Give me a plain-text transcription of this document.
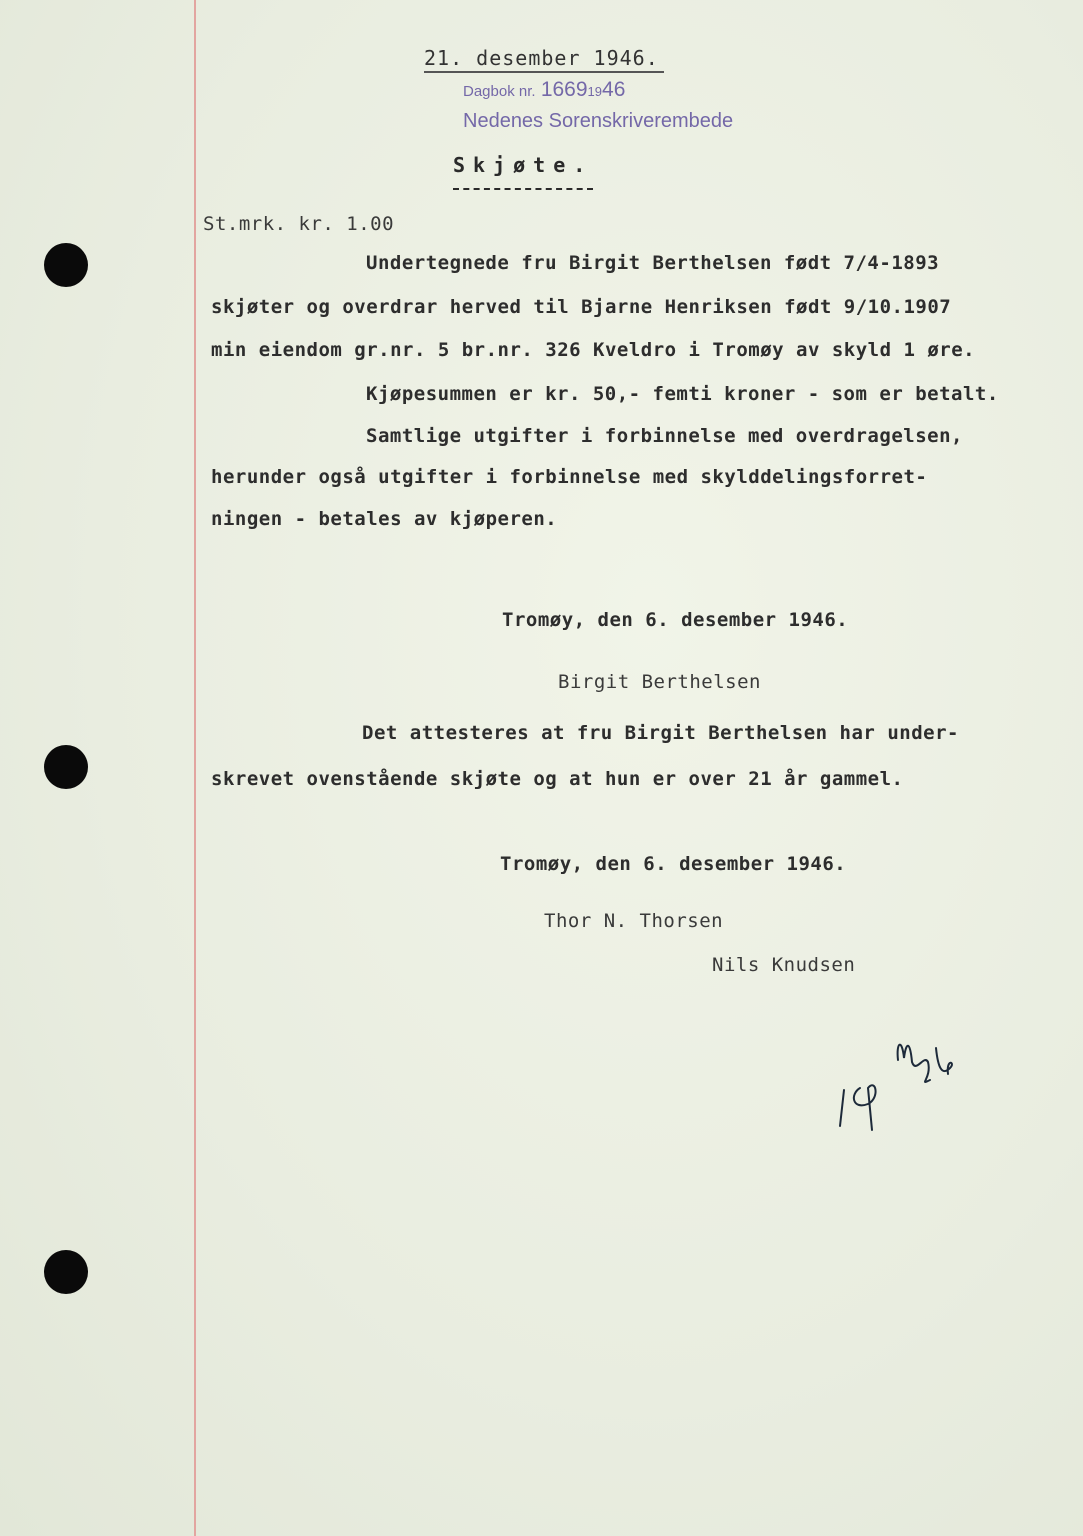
21. desember 1946.
Dagbok nr. 16691946
Nedenes Sorenskriverembede
Skjøte.
St.mrk. kr. 1.00
Undertegnede fru Birgit Berthelsen født 7/4-1893
skjøter og overdrar herved til Bjarne Henriksen født 9/10.1907
min eiendom gr.nr. 5 br.nr. 326 Kveldro i Tromøy av skyld 1 øre.
Kjøpesummen er kr. 50,- femti kroner - som er betalt.
Samtlige utgifter i forbinnelse med overdragelsen,
herunder også utgifter i forbinnelse med skylddelingsforret-
ningen - betales av kjøperen.
Tromøy, den 6. desember 1946.
Birgit Berthelsen
Det attesteres at fru Birgit Berthelsen har under-
skrevet ovenstående skjøte og at hun er over 21 år gammel.
Tromøy, den 6. desember 1946.
Thor N. Thorsen
Nils Knudsen
